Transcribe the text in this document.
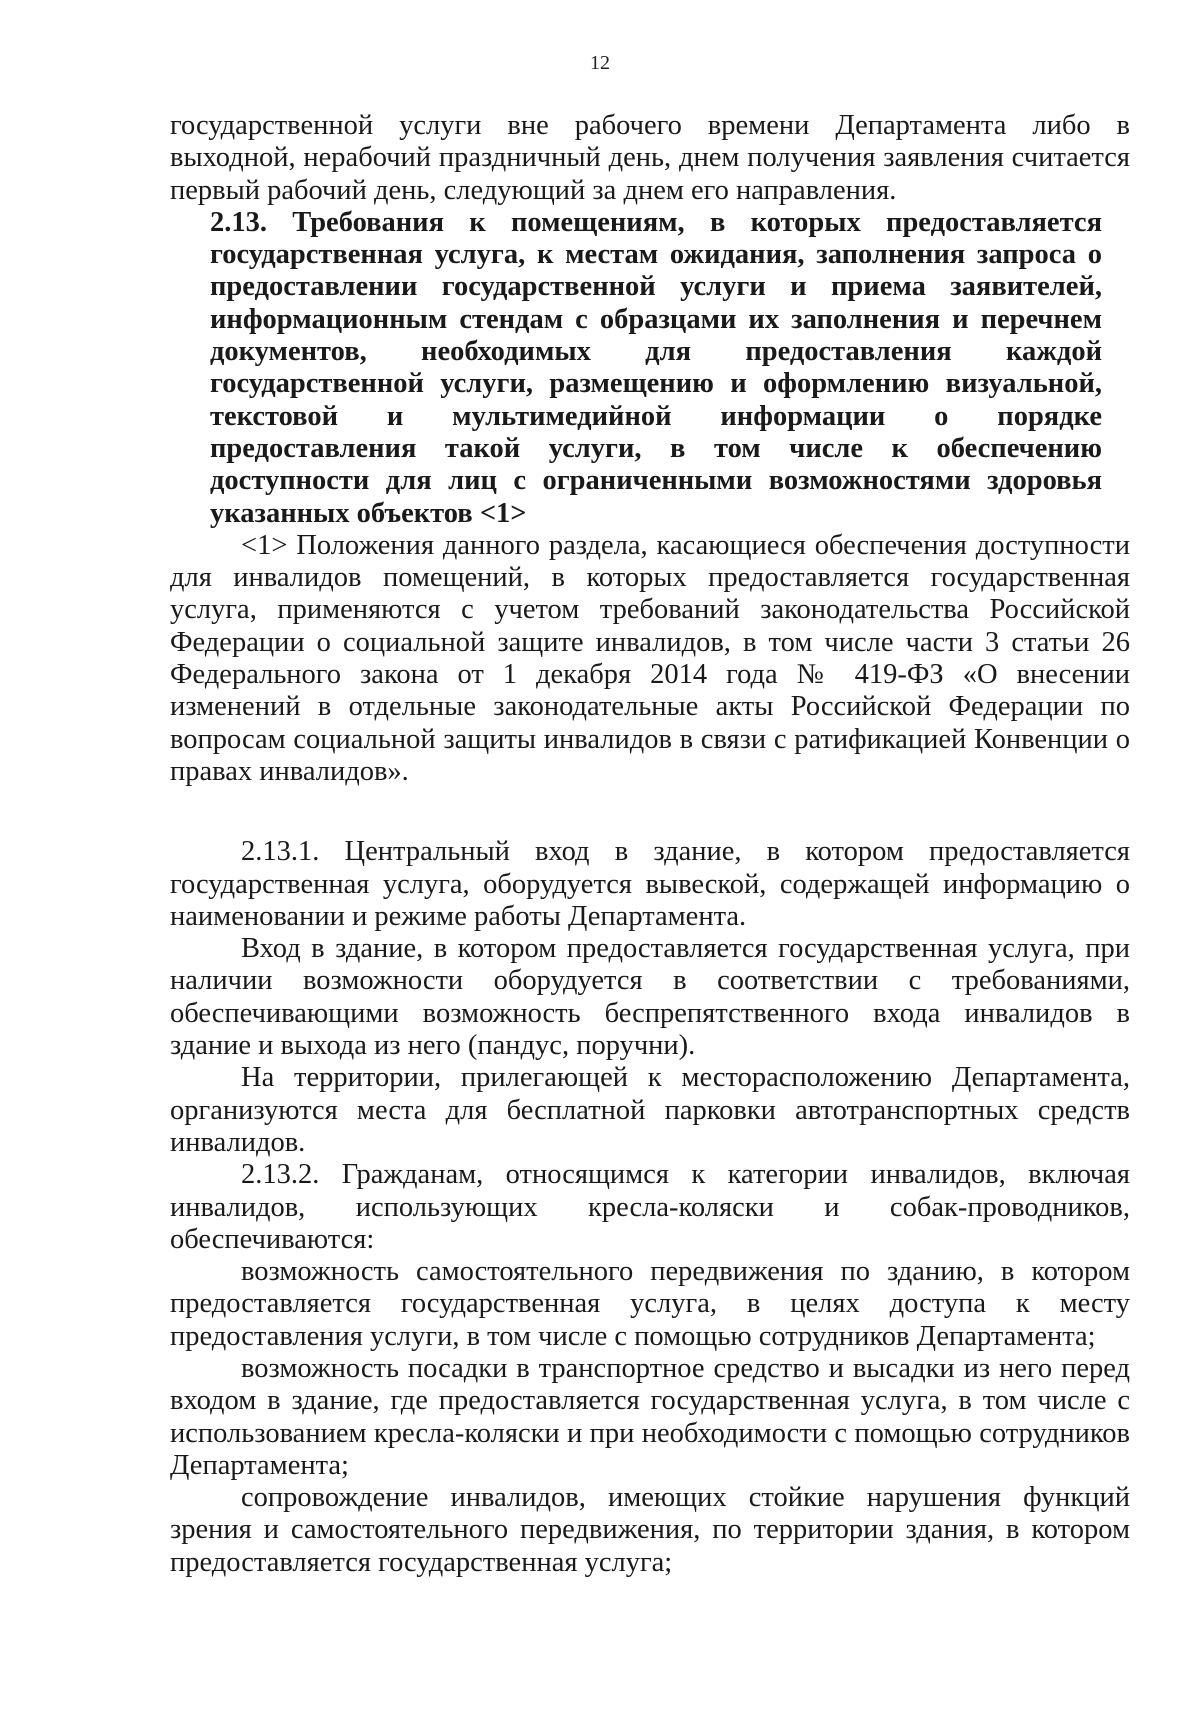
12

государственной услуги вне рабочего времени Департамента либо в выходной, нерабочий праздничный день, днем получения заявления считается первый рабочий день, следующий за днем его направления.

2.13. Требования к помещениям, в которых предоставляется государственная услуга, к местам ожидания, заполнения запроса о предоставлении государственной услуги и приема заявителей, информационным стендам с образцами их заполнения и перечнем документов, необходимых для предоставления каждой государственной услуги, размещению и оформлению визуальной, текстовой и мультимедийной информации о порядке предоставления такой услуги, в том числе к обеспечению доступности для лиц с ограниченными возможностями здоровья указанных объектов <1>

<1> Положения данного раздела, касающиеся обеспечения доступности для инвалидов помещений, в которых предоставляется государственная услуга, применяются с учетом требований законодательства Российской Федерации о социальной защите инвалидов, в том числе части 3 статьи 26 Федерального закона от 1 декабря 2014 года № 419-ФЗ «О внесении изменений в отдельные законодательные акты Российской Федерации по вопросам социальной защиты инвалидов в связи с ратификацией Конвенции о правах инвалидов».

2.13.1. Центральный вход в здание, в котором предоставляется государственная услуга, оборудуется вывеской, содержащей информацию о наименовании и режиме работы Департамента.

Вход в здание, в котором предоставляется государственная услуга, при наличии возможности оборудуется в соответствии с требованиями, обеспечивающими возможность беспрепятственного входа инвалидов в здание и выхода из него (пандус, поручни).

На территории, прилегающей к месторасположению Департамента, организуются места для бесплатной парковки автотранспортных средств инвалидов.

2.13.2. Гражданам, относящимся к категории инвалидов, включая инвалидов, использующих кресла-коляски и собак-проводников, обеспечиваются:

возможность самостоятельного передвижения по зданию, в котором предоставляется государственная услуга, в целях доступа к месту предоставления услуги, в том числе с помощью сотрудников Департамента;

возможность посадки в транспортное средство и высадки из него перед входом в здание, где предоставляется государственная услуга, в том числе с использованием кресла-коляски и при необходимости с помощью сотрудников Департамента;

сопровождение инвалидов, имеющих стойкие нарушения функций зрения и самостоятельного передвижения, по территории здания, в котором предоставляется государственная услуга;
